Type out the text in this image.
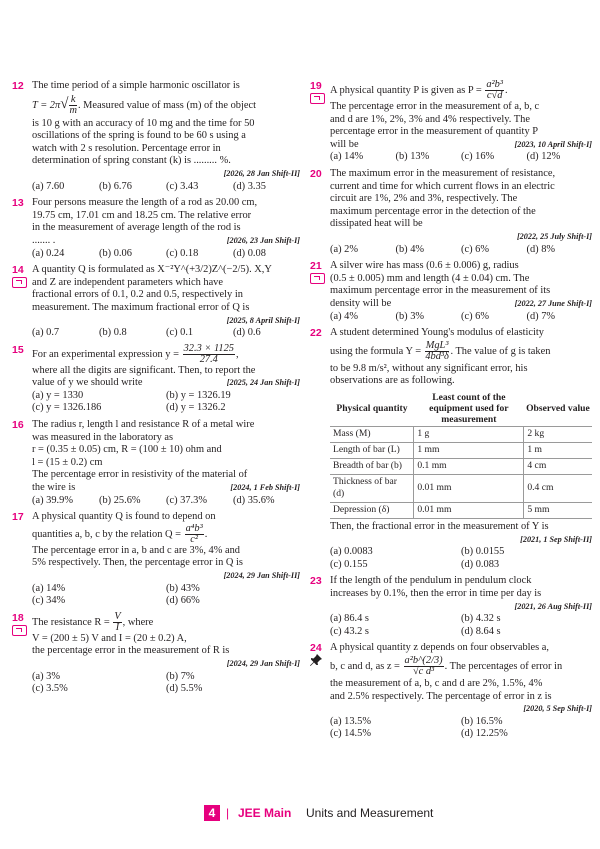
12 The time period of a simple harmonic oscillator is
$T = 2\pi√ \frac{k}{m}$ . Measured value of mass (m) of the object
is 10 g with an accuracy of 10 mg and the time for 50
oscillations of the spring is found to be 60 s using a
watch with 2 s resolution. Percentage error in
determination of spring constant (k) is ......... %.
[2026, 28 Jan Shift-II]
(a) 7.60	(b) 6.76	(c) 3.43	(d) 3.35
13 Four persons measure the length of a rod as 20.00 cm,
19.75 cm, 17.01 cm and 18.25 cm. The relative error
in the measurement of average length of the rod is
....... .	[2026, 23 Jan Shift-I]
(a) 0.24	(b) 0.06	(c) 0.18	(d) 0.08
14 A quantity Q is formulated as X⁻²Y^(+3/2)Z^(−2/5). X,Y
and Z are independent parameters which have
fractional errors of 0.1, 0.2 and 0.5, respectively in
measurement. The maximum fractional error of Q is
[2025, 8 April Shift-I]
(a) 0.7	(b) 0.8	(c) 0.1	(d) 0.6
15 For an experimental expression $y = \frac{32.3 \times 1125}{27.4}$ ,
where all the digits are significant. Then, to report the
value of y we should write	[2025, 24 Jan Shift-I]
(a) y = 1330	(b) y = 1326.19
(c) y = 1326.186	(d) y = 1326.2
16 The radius r, length l and resistance R of a metal wire
was measured in the laboratory as
r = (0.35 ± 0.05) cm, R = (100 ± 10) ohm and
l = (15 ± 0.2) cm
The percentage error in resistivity of the material of
the wire is	[2024, 1 Feb Shift-I]
(a) 39.9%	(b) 25.6%	(c) 37.3%	(d) 35.6%
17 A physical quantity Q is found to depend on
quantities a, b, c by the relation $Q = \frac{\text{a⁴b³}}{\text{c²}}$ .
The percentage error in a, b and c are 3%, 4% and
5% respectively. Then, the percentage error in Q is
[2024, 29 Jan Shift-II]
(a) 14%	(b) 43%
(c) 34%	(d) 66%
18 The resistance $R = \frac{V}{I}$ , where
V = (200 ± 5) V and I = (20 ± 0.2) A,
the percentage error in the measurement of R is
[2024, 29 Jan Shift-I]
(a) 3%	(b) 7%
(c) 3.5%	(d) 5.5%
19 A physical quantity P is given as $P = \frac{\text{a²b³}}{c√d}$ .
The percentage error in the measurement of a, b, c
and d are 1%, 2%, 3% and 4% respectively. The
percentage error in the measurement of quantity P
will be	[2023, 10 April Shift-I]
(a) 14%	(b) 13%	(c) 16%	(d) 12%
20 The maximum error in the measurement of resistance,
current and time for which current flows in an electric
circuit are 1%, 2% and 3%, respectively. The
maximum percentage error in the detection of the
dissipated heat will be
[2022, 25 July Shift-I]
(a) 2%	(b) 4%	(c) 6%	(d) 8%
21 A silver wire has mass (0.6 ± 0.006) g, radius
(0.5 ± 0.005) mm and length (4 ± 0.04) cm. The
maximum percentage error in the measurement of its
density will be	[2022, 27 June Shift-I]
(a) 4%	(b) 3%	(c) 6%	(d) 7%
22 A student determined Young's modulus of elasticity
using the formula $Y = \frac{\text{MgL³}}{\text{4bd³δ}}$ . The value of g is taken
to be 9.8 m/s², without any significant error, his
observations are as following.
Physical quantity	Least count of the equipment used for measurement	Observed value
Mass (M)	1 g	2 kg
Length of bar (L)	1 mm	1 m
Breadth of bar (b)	0.1 mm	4 cm
Thickness of bar (d)	0.01 mm	0.4 cm
Depression (δ)	0.01 mm	5 mm
Then, the fractional error in the measurement of Y is
[2021, 1 Sep Shift-II]
(a) 0.0083	(b) 0.0155
(c) 0.155	(d) 0.083
23 If the length of the pendulum in pendulum clock
increases by 0.1%, then the error in time per day is
[2021, 26 Aug Shift-II]
(a) 86.4 s	(b) 4.32 s
(c) 43.2 s	(d) 8.64 s
24 A physical quantity z depends on four observables a,
b, c and d, as $z = \frac{\text{a²b\textasciicircum{}(2/3)}}{\text{√c d³}}$ . The percentages of error in
the measurement of a, b, c and d are 2%, 1.5%, 4%
and 2.5% respectively. The percentage of error in z is
[2020, 5 Sep Shift-I]
(a) 13.5%	(b) 16.5%
(c) 14.5%	(d) 12.25%
4 | JEE Main Units and Measurement
